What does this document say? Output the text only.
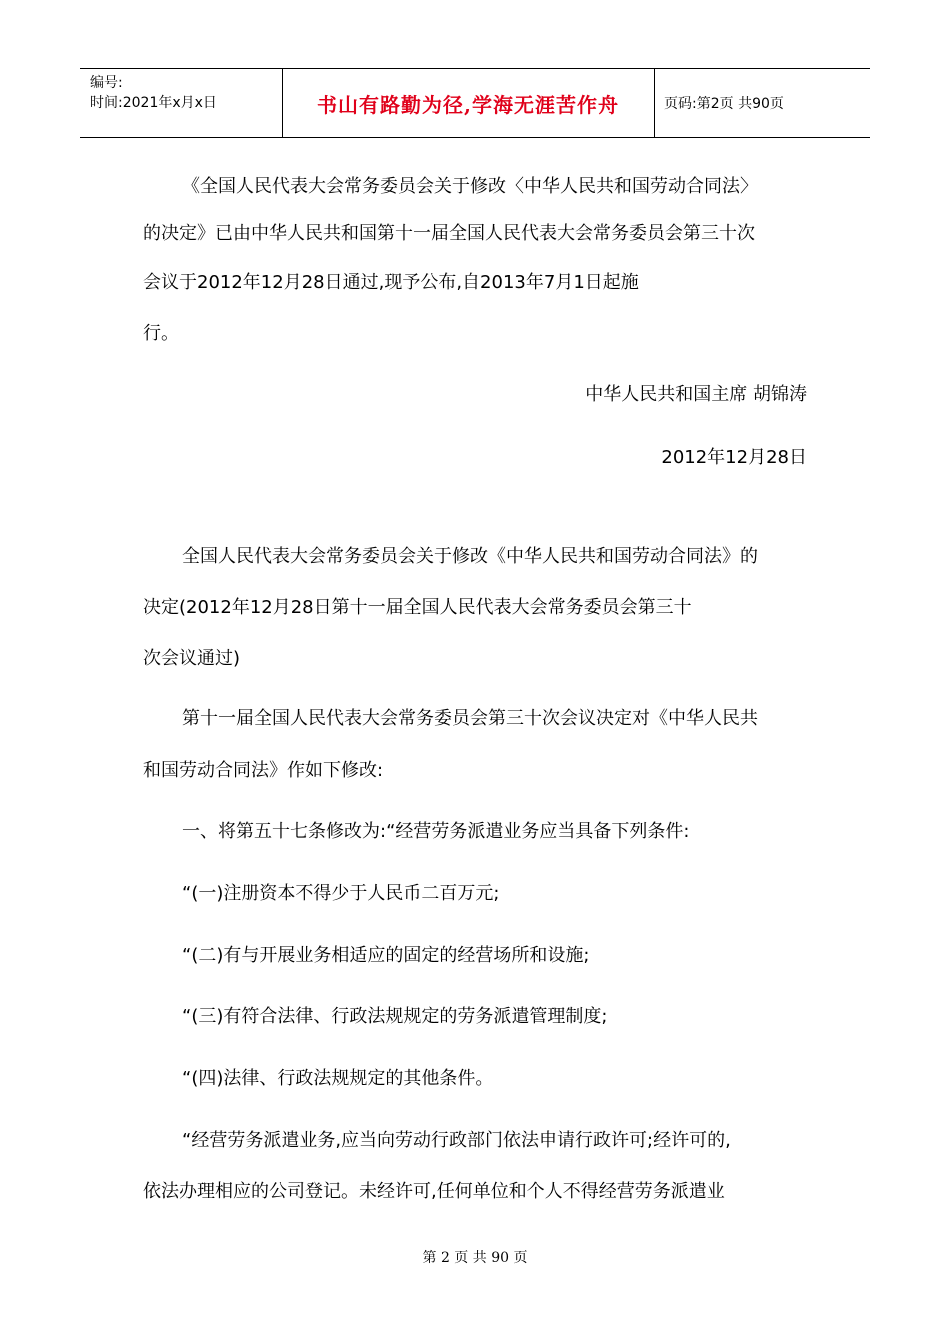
编号:
时间:2021年x月x日	书山有路勤为径,学海无涯苦作舟	页码:第2页 共90页
《全国人民代表大会常务委员会关于修改〈中华人民共和国劳动合同法〉
的决定》已由中华人民共和国第十一届全国人民代表大会常务委员会第三十次
会议于2012年12月28日通过,现予公布,自2013年7月1日起施
行。
中华人民共和国主席 胡锦涛
2012年12月28日
全国人民代表大会常务委员会关于修改《中华人民共和国劳动合同法》的
决定(2012年12月28日第十一届全国人民代表大会常务委员会第三十
次会议通过)
第十一届全国人民代表大会常务委员会第三十次会议决定对《中华人民共
和国劳动合同法》作如下修改:
一、将第五十七条修改为:“经营劳务派遣业务应当具备下列条件:
“(一)注册资本不得少于人民币二百万元;
“(二)有与开展业务相适应的固定的经营场所和设施;
“(三)有符合法律、行政法规规定的劳务派遣管理制度;
“(四)法律、行政法规规定的其他条件。
“经营劳务派遣业务,应当向劳动行政部门依法申请行政许可;经许可的,
依法办理相应的公司登记。未经许可,任何单位和个人不得经营劳务派遣业
第 2 页 共 90 页
